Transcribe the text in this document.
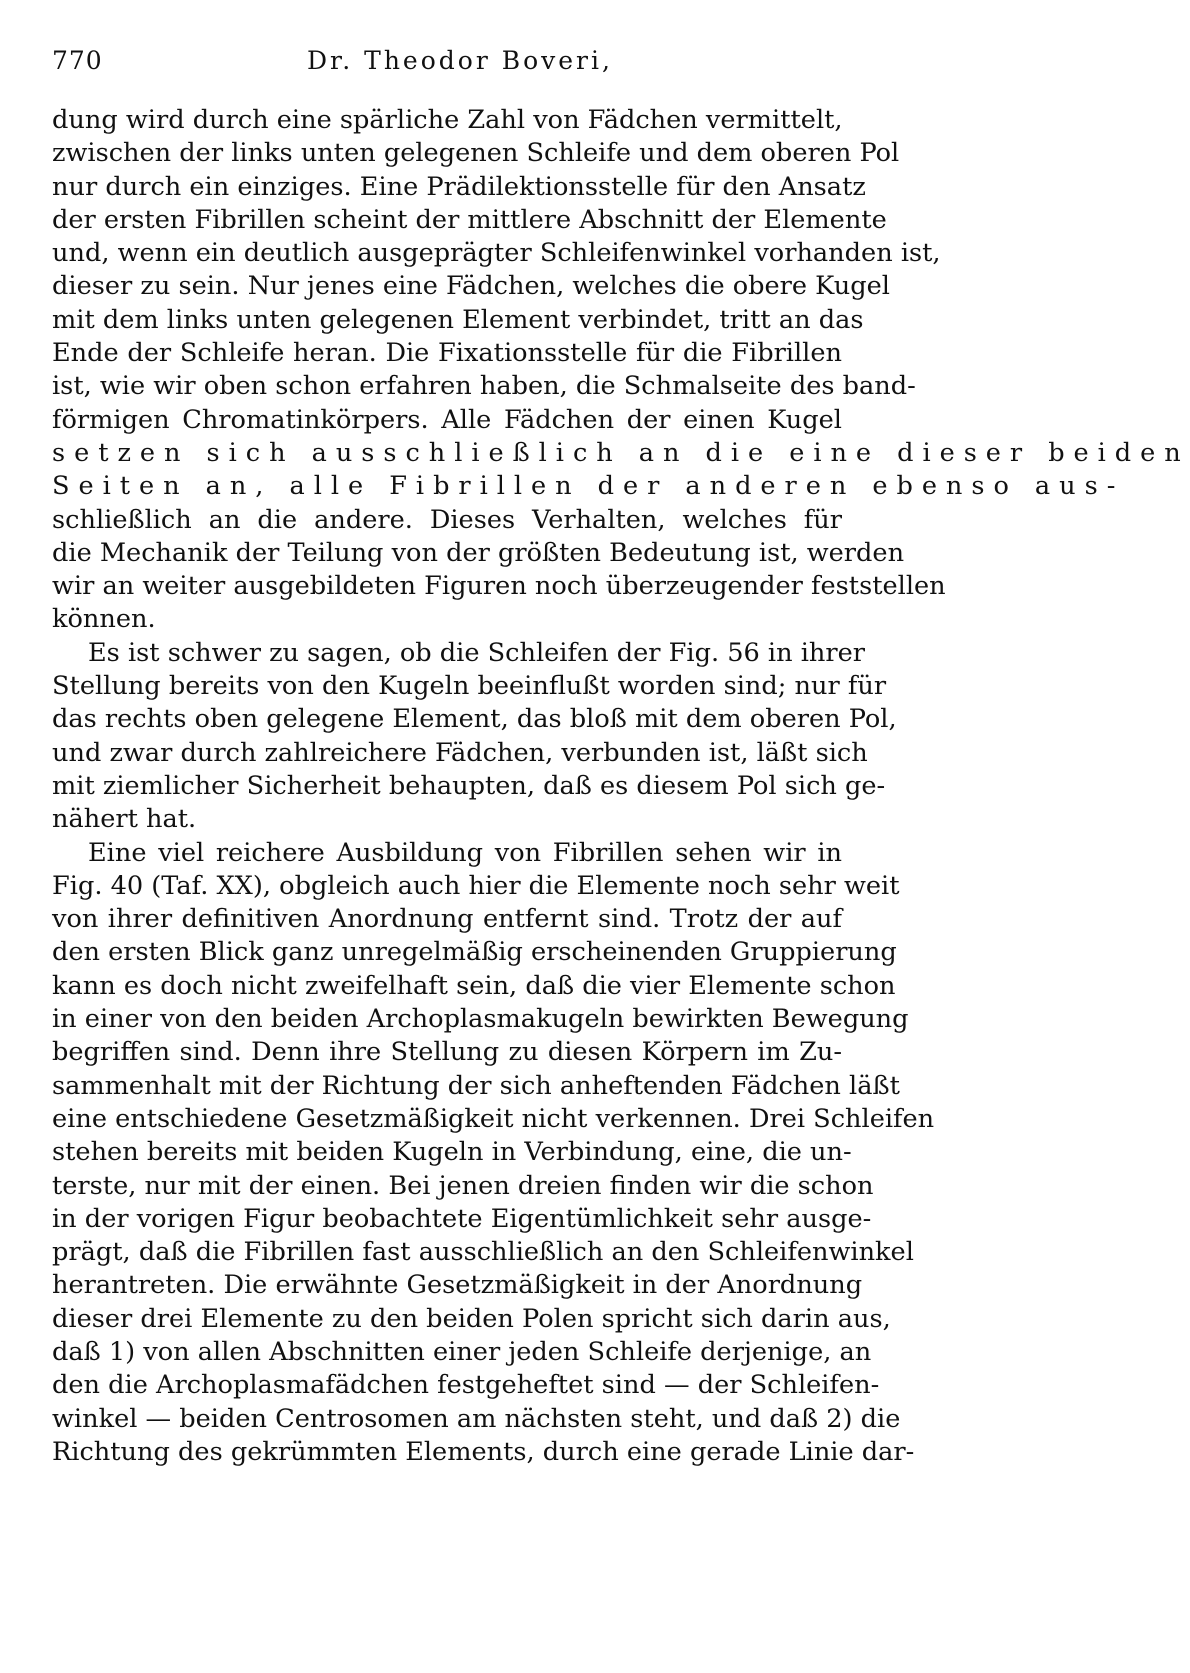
770	Dr. Theodor Boveri,
dung wird durch eine spärliche Zahl von Fädchen vermittelt,
zwischen der links unten gelegenen Schleife und dem oberen Pol
nur durch ein einziges. Eine Prädilektionsstelle für den Ansatz
der ersten Fibrillen scheint der mittlere Abschnitt der Elemente
und, wenn ein deutlich ausgeprägter Schleifenwinkel vorhanden ist,
dieser zu sein. Nur jenes eine Fädchen, welches die obere Kugel
mit dem links unten gelegenen Element verbindet, tritt an das
Ende der Schleife heran. Die Fixationsstelle für die Fibrillen
ist, wie wir oben schon erfahren haben, die Schmalseite des band-
förmigen Chromatinkörpers. Alle Fädchen der einen Kugel
setzen sich ausschließlich an die eine dieser beiden
Seiten an, alle Fibrillen der anderen ebenso aus-
schließlich an die andere. Dieses Verhalten, welches für
die Mechanik der Teilung von der größten Bedeutung ist, werden
wir an weiter ausgebildeten Figuren noch überzeugender feststellen
können.
Es ist schwer zu sagen, ob die Schleifen der Fig. 56 in ihrer
Stellung bereits von den Kugeln beeinflußt worden sind; nur für
das rechts oben gelegene Element, das bloß mit dem oberen Pol,
und zwar durch zahlreichere Fädchen, verbunden ist, läßt sich
mit ziemlicher Sicherheit behaupten, daß es diesem Pol sich ge-
nähert hat.
Eine viel reichere Ausbildung von Fibrillen sehen wir in
Fig. 40 (Taf. XX), obgleich auch hier die Elemente noch sehr weit
von ihrer definitiven Anordnung entfernt sind. Trotz der auf
den ersten Blick ganz unregelmäßig erscheinenden Gruppierung
kann es doch nicht zweifelhaft sein, daß die vier Elemente schon
in einer von den beiden Archoplasmakugeln bewirkten Bewegung
begriffen sind. Denn ihre Stellung zu diesen Körpern im Zu-
sammenhalt mit der Richtung der sich anheftenden Fädchen läßt
eine entschiedene Gesetzmäßigkeit nicht verkennen. Drei Schleifen
stehen bereits mit beiden Kugeln in Verbindung, eine, die un-
terste, nur mit der einen. Bei jenen dreien finden wir die schon
in der vorigen Figur beobachtete Eigentümlichkeit sehr ausge-
prägt, daß die Fibrillen fast ausschließlich an den Schleifenwinkel
herantreten. Die erwähnte Gesetzmäßigkeit in der Anordnung
dieser drei Elemente zu den beiden Polen spricht sich darin aus,
daß 1) von allen Abschnitten einer jeden Schleife derjenige, an
den die Archoplasmafädchen festgeheftet sind — der Schleifen-
winkel — beiden Centrosomen am nächsten steht, und daß 2) die
Richtung des gekrümmten Elements, durch eine gerade Linie dar-
